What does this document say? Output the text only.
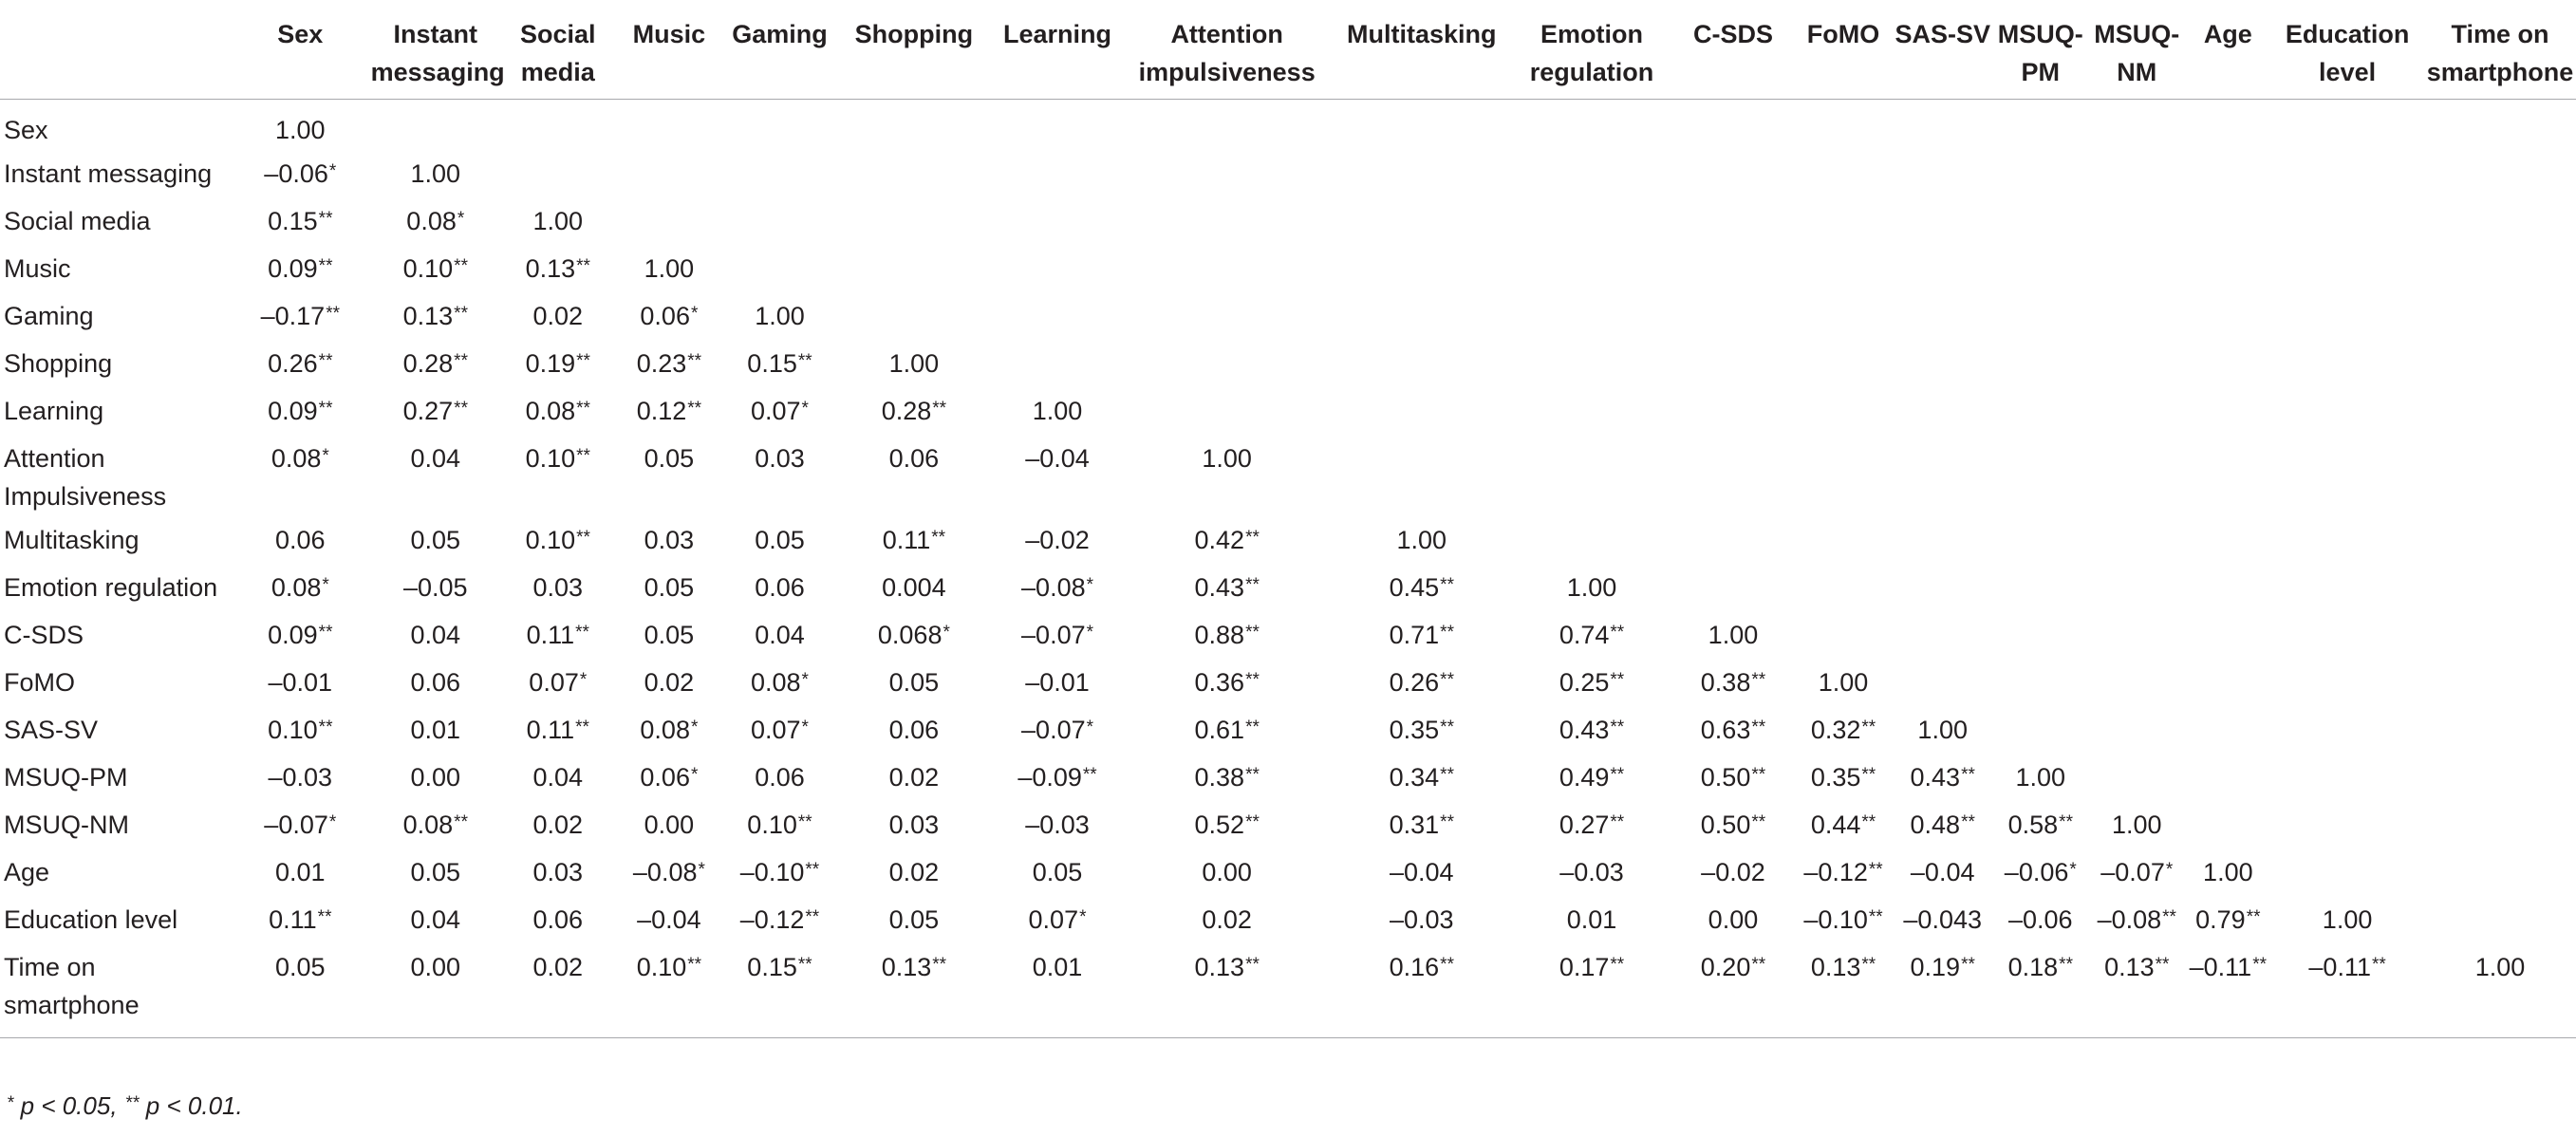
	Sex	Instant messaging	Social media	Music	Gaming	Shopping	Learning	Attention impulsiveness	Multitasking	Emotion regulation	C-SDS	FoMO	SAS-SV	MSUQ-PM	MSUQ-NM	Age	Education level	Time on smartphone
Sex	1.00																	
Instant messaging	–0.06*	1.00																
Social media	0.15**	0.08*	1.00															
Music	0.09**	0.10**	0.13**	1.00														
Gaming	–0.17**	0.13**	0.02	0.06*	1.00													
Shopping	0.26**	0.28**	0.19**	0.23**	0.15**	1.00												
Learning	0.09**	0.27**	0.08**	0.12**	0.07*	0.28**	1.00											
Attention Impulsiveness	0.08*	0.04	0.10**	0.05	0.03	0.06	–0.04	1.00										
Multitasking	0.06	0.05	0.10**	0.03	0.05	0.11**	–0.02	0.42**	1.00									
Emotion regulation	0.08*	–0.05	0.03	0.05	0.06	0.004	–0.08*	0.43**	0.45**	1.00								
C-SDS	0.09**	0.04	0.11**	0.05	0.04	0.068*	–0.07*	0.88**	0.71**	0.74**	1.00							
FoMO	–0.01	0.06	0.07*	0.02	0.08*	0.05	–0.01	0.36**	0.26**	0.25**	0.38**	1.00						
SAS-SV	0.10**	0.01	0.11**	0.08*	0.07*	0.06	–0.07*	0.61**	0.35**	0.43**	0.63**	0.32**	1.00					
MSUQ-PM	–0.03	0.00	0.04	0.06*	0.06	0.02	–0.09**	0.38**	0.34**	0.49**	0.50**	0.35**	0.43**	1.00				
MSUQ-NM	–0.07*	0.08**	0.02	0.00	0.10**	0.03	–0.03	0.52**	0.31**	0.27**	0.50**	0.44**	0.48**	0.58**	1.00			
Age	0.01	0.05	0.03	–0.08*	–0.10**	0.02	0.05	0.00	–0.04	–0.03	–0.02	–0.12**	–0.04	–0.06*	–0.07*	1.00		
Education level	0.11**	0.04	0.06	–0.04	–0.12**	0.05	0.07*	0.02	–0.03	0.01	0.00	–0.10**	–0.043	–0.06	–0.08**	0.79**	1.00	
Time on smartphone	0.05	0.00	0.02	0.10**	0.15**	0.13**	0.01	0.13**	0.16**	0.17**	0.20**	0.13**	0.19**	0.18**	0.13**	–0.11**	–0.11**	1.00
* p < 0.05, ** p < 0.01.
